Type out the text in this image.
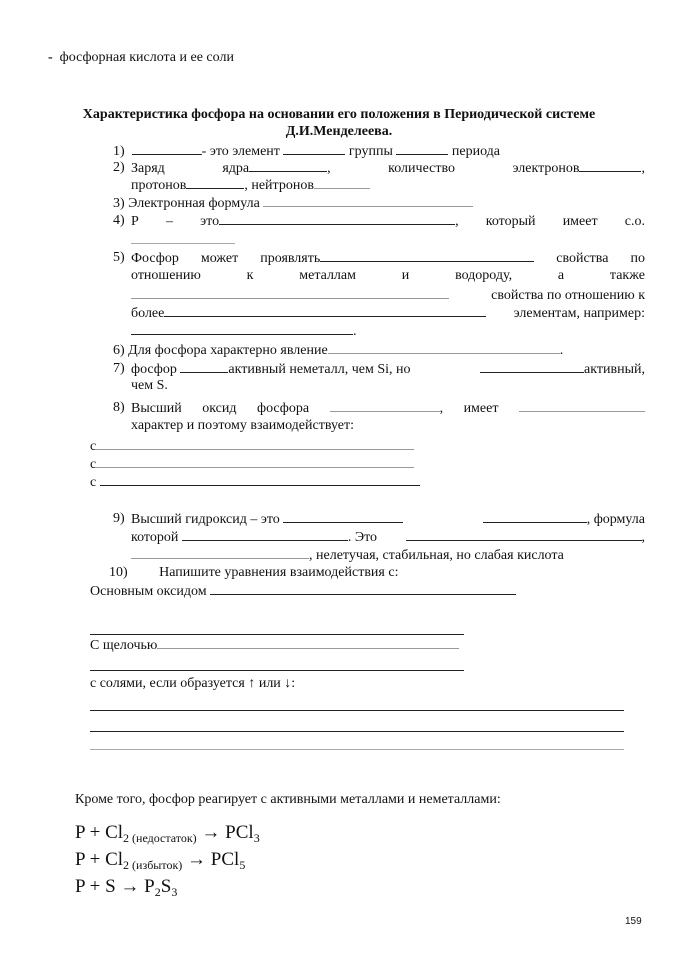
- фосфорная кислота и ее соли
Характеристика фосфора на основании его положения в Периодической системе
Д.И.Менделеева.
1)	- это элемент	группы	периода
2) Заряд	ядра	,	количество	электронов	,
протонов	, нейтронов
3) Электронная формула
4) Р – это	, который имеет с.о.
5) Фосфор может проявлять	свойства по
отношению	к	металлам	и	водороду,	а	также
свойства по отношению к
более	элементам, например:
.
6) Для фосфора характерно явление	.
7) фосфор	активный неметалл, чем Si, но	активный,
чем S.
8) Высший оксид фосфора	, имеет
характер и поэтому взаимодействует:
с
с
с
9) Высший гидроксид – это	, формула
которой	. Это	,
, нелетучая, стабильная, но слабая кислота
10) Напишите уравнения взаимодействия с:
Основным оксидом
С щелочью
с солями, если образуется ↑ или ↓:
Кроме того, фосфор реагирует с активными металлами и неметаллами:
$P + Cl_{2 (недостаток)} \to PCl_3$
$P + Cl_{2 (избыток)} \to PCl_5$
$P + S \to P_2S_3$
159
